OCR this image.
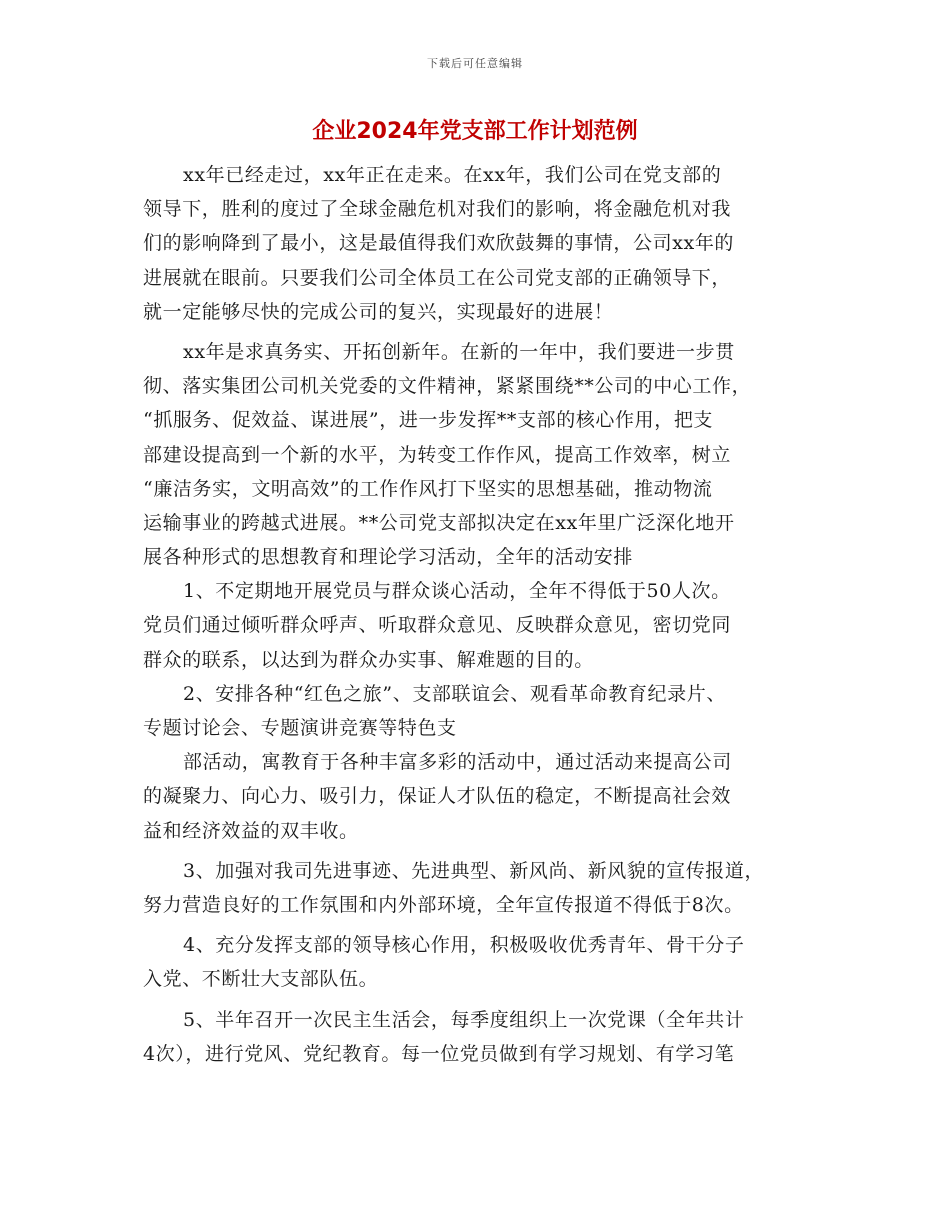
下载后可任意编辑
企业2024年党支部工作计划范例
xx年已经走过，xx年正在走来。在xx年，我们公司在党支部的
领导下，胜利的度过了全球金融危机对我们的影响，将金融危机对我
们的影响降到了最小，这是最值得我们欢欣鼓舞的事情，公司xx年的
进展就在眼前。只要我们公司全体员工在公司党支部的正确领导下，
就一定能够尽快的完成公司的复兴，实现最好的进展！
xx年是求真务实、开拓创新年。在新的一年中，我们要进一步贯
彻、落实集团公司机关党委的文件精神，紧紧围绕**公司的中心工作，
“抓服务、促效益、谋进展”，进一步发挥**支部的核心作用，把支
部建设提高到一个新的水平，为转变工作作风，提高工作效率，树立
“廉洁务实，文明高效”的工作作风打下坚实的思想基础，推动物流
运输事业的跨越式进展。**公司党支部拟决定在xx年里广泛深化地开
展各种形式的思想教育和理论学习活动，全年的活动安排
1、不定期地开展党员与群众谈心活动，全年不得低于50人次。
党员们通过倾听群众呼声、听取群众意见、反映群众意见，密切党同
群众的联系，以达到为群众办实事、解难题的目的。
2、安排各种“红色之旅”、支部联谊会、观看革命教育纪录片、
专题讨论会、专题演讲竞赛等特色支
部活动，寓教育于各种丰富多彩的活动中，通过活动来提高公司
的凝聚力、向心力、吸引力，保证人才队伍的稳定，不断提高社会效
益和经济效益的双丰收。
3、加强对我司先进事迹、先进典型、新风尚、新风貌的宣传报道，
努力营造良好的工作氛围和内外部环境，全年宣传报道不得低于8次。
4、充分发挥支部的领导核心作用，积极吸收优秀青年、骨干分子
入党、不断壮大支部队伍。
5、半年召开一次民主生活会，每季度组织上一次党课（全年共计
4次），进行党风、党纪教育。每一位党员做到有学习规划、有学习笔
